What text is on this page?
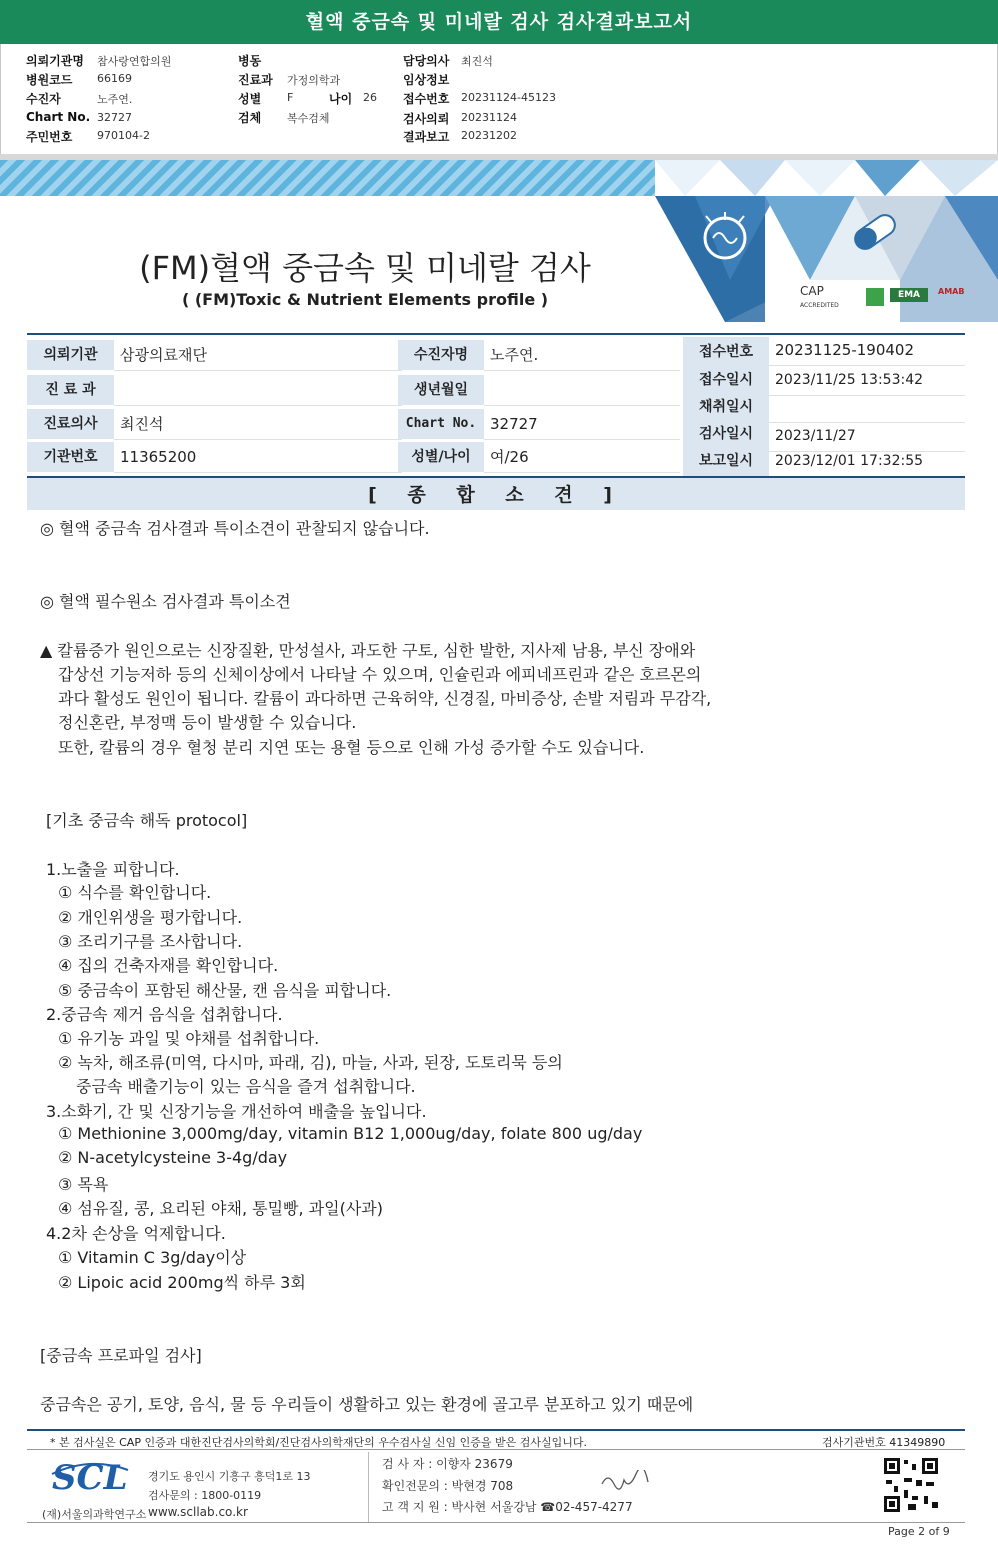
혈액 중금속 및 미네랄 검사 검사결과보고서
의뢰기관명 참사랑연합의원
병원코드 66169
수진자	노주연.
Chart No. 32727
주민번호 970104-2
병동
진료과 가정의학과
성별 F	나이 26
검체 복수검체
담당의사 최진석
임상정보
접수번호 20231124-45123
검사의뢰 20231124
결과보고 20231202
CAP
ACCREDITED
EMA	AMAB
(FM)혈액 중금속 및 미네랄 검사
( (FM)Toxic & Nutrient Elements profile )
의뢰기관	삼광의료재단
진 료 과
진료의사	최진석
기관번호	11365200
수진자명	노주연.
생년월일
Chart No. 32727
성별/나이	여/26
접수번호	20231125-190402
접수일시	2023/11/25 13:53:42
채취일시
검사일시	2023/11/27
보고일시	2023/12/01 17:32:55
[ 종 합 소 견 ]
◎ 혈액 중금속 검사결과 특이소견이 관찰되지 않습니다.
◎ 혈액 필수원소 검사결과 특이소견
▲ 칼륨증가 원인으로는 신장질환, 만성설사, 과도한 구토, 심한 발한, 지사제 남용, 부신 장애와
갑상선 기능저하 등의 신체이상에서 나타날 수 있으며, 인슐린과 에피네프린과 같은 호르몬의
과다 활성도 원인이 됩니다. 칼륨이 과다하면 근육허약, 신경질, 마비증상, 손발 저림과 무감각,
정신혼란, 부정맥 등이 발생할 수 있습니다.
또한, 칼륨의 경우 혈청 분리 지연 또는 용혈 등으로 인해 가성 증가할 수도 있습니다.
[기초 중금속 해독 protocol]
1.노출을 피합니다.
① 식수를 확인합니다.
② 개인위생을 평가합니다.
③ 조리기구를 조사합니다.
④ 집의 건축자재를 확인합니다.
⑤ 중금속이 포함된 해산물, 캔 음식을 피합니다.
2.중금속 제거 음식을 섭취합니다.
① 유기농 과일 및 야채를 섭취합니다.
② 녹차, 해조류(미역, 다시마, 파래, 김), 마늘, 사과, 된장, 도토리묵 등의
중금속 배출기능이 있는 음식을 즐겨 섭취합니다.
3.소화기, 간 및 신장기능을 개선하여 배출을 높입니다.
① Methionine 3,000mg/day, vitamin B12 1,000ug/day, folate 800 ug/day
② N-acetylcysteine 3-4g/day
③ 목욕
④ 섬유질, 콩, 요리된 야채, 통밀빵, 과일(사과)
4.2차 손상을 억제합니다.
① Vitamin C 3g/day이상
② Lipoic acid 200mg씩 하루 3회
[중금속 프로파일 검사]
중금속은 공기, 토양, 음식, 물 등 우리들이 생활하고 있는 환경에 골고루 분포하고 있기 때문에
* 본 검사실은 CAP 인증과 대한진단검사의학회/진단검사의학재단의 우수검사실 신임 인증을 받은 검사실입니다.	검사기관번호 41349890
SCL
(재)서울의과학연구소
경기도 용인시 기흥구 흥덕1로 13
검사문의 : 1800-0119
www.scllab.co.kr
검 사 자 : 이향자 23679
확인전문의 : 박현경 708
고 객 지 원 : 박사현 서울강남 ☎02-457-4277
Page 2 of 9
